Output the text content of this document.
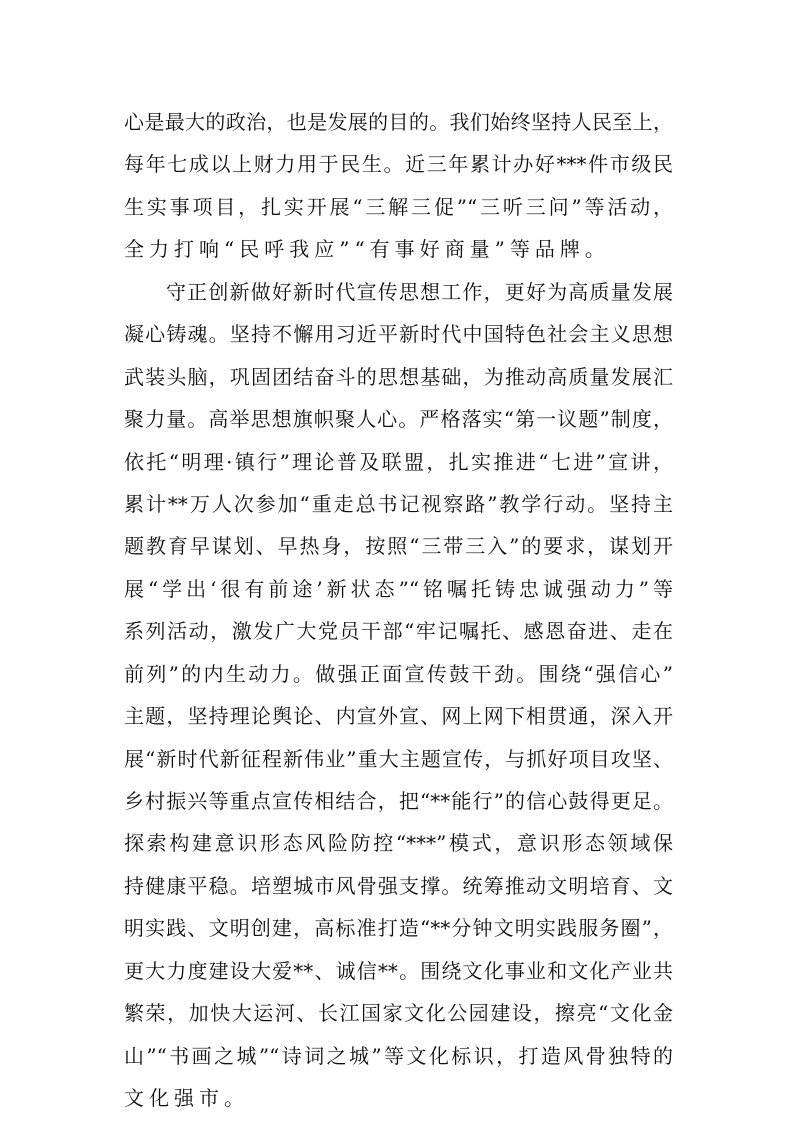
心是最大的政治，也是发展的目的。我们始终坚持人民至上，
每年七成以上财力用于民生。近三年累计办好***件市级民
生实事项目，扎实开展“三解三促”“三听三问”等活动，
全力打响“民呼我应”“有事好商量”等品牌。
守正创新做好新时代宣传思想工作，更好为高质量发展
凝心铸魂。坚持不懈用习近平新时代中国特色社会主义思想
武装头脑，巩固团结奋斗的思想基础，为推动高质量发展汇
聚力量。高举思想旗帜聚人心。严格落实“第一议题”制度，
依托“明理·镇行”理论普及联盟，扎实推进“七进”宣讲，
累计**万人次参加“重走总书记视察路”教学行动。坚持主
题教育早谋划、早热身，按照“三带三入”的要求，谋划开
展“学出‘很有前途’新状态”“铭嘱托铸忠诚强动力”等
系列活动，激发广大党员干部“牢记嘱托、感恩奋进、走在
前列”的内生动力。做强正面宣传鼓干劲。围绕“强信心”
主题，坚持理论舆论、内宣外宣、网上网下相贯通，深入开
展“新时代新征程新伟业”重大主题宣传，与抓好项目攻坚、
乡村振兴等重点宣传相结合，把“**能行”的信心鼓得更足。
探索构建意识形态风险防控“***”模式，意识形态领域保
持健康平稳。培塑城市风骨强支撑。统筹推动文明培育、文
明实践、文明创建，高标准打造“**分钟文明实践服务圈”，
更大力度建设大爱**、诚信**。围绕文化事业和文化产业共
繁荣，加快大运河、长江国家文化公园建设，擦亮“文化金
山”“书画之城”“诗词之城”等文化标识，打造风骨独特的
文化强市。
